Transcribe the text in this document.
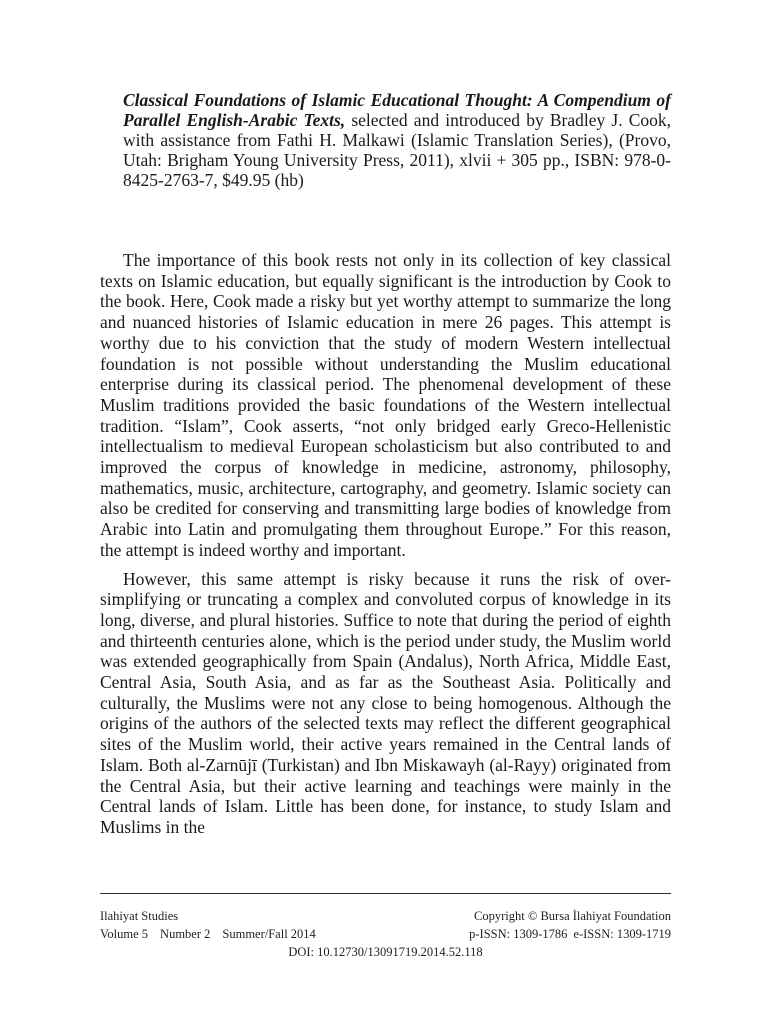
Classical Foundations of Islamic Educational Thought: A Compendium of Parallel English-Arabic Texts, selected and introduced by Bradley J. Cook, with assistance from Fathi H. Malkawi (Islamic Translation Series), (Provo, Utah: Brigham Young University Press, 2011), xlvii + 305 pp., ISBN: 978-0-8425-2763-7, $49.95 (hb)

The importance of this book rests not only in its collection of key classical texts on Islamic education, but equally significant is the introduction by Cook to the book. Here, Cook made a risky but yet worthy attempt to summarize the long and nuanced histories of Islamic education in mere 26 pages. This attempt is worthy due to his conviction that the study of modern Western intellectual foundation is not possible without understanding the Muslim educational enterprise during its classical period. The phenomenal development of these Muslim traditions provided the basic foundations of the Western intellectual tradition. “Islam”, Cook asserts, “not only bridged early Greco-Hellenistic intellectualism to medieval European scholasticism but also contributed to and improved the corpus of knowledge in medicine, astronomy, philosophy, mathematics, music, architecture, cartography, and geometry. Islamic society can also be credited for conserving and transmitting large bodies of knowledge from Arabic into Latin and promulgating them throughout Europe.” For this reason, the attempt is indeed worthy and important.

However, this same attempt is risky because it runs the risk of over-simplifying or truncating a complex and convoluted corpus of knowledge in its long, diverse, and plural histories. Suffice to note that during the period of eighth and thirteenth centuries alone, which is the period under study, the Muslim world was extended geographically from Spain (Andalus), North Africa, Middle East, Central Asia, South Asia, and as far as the Southeast Asia. Politically and culturally, the Muslims were not any close to being homogenous. Although the origins of the authors of the selected texts may reflect the different geographical sites of the Muslim world, their active years remained in the Central lands of Islam. Both al-Zarnūjī (Turkistan) and Ibn Miskawayh (al-Rayy) originated from the Central Asia, but their active learning and teachings were mainly in the Central lands of Islam. Little has been done, for instance, to study Islam and Muslims in the

Ilahiyat Studies	Copyright © Bursa İlahiyat Foundation
Volume 5 Number 2 Summer/Fall 2014	p-ISSN: 1309-1786 e-ISSN: 1309-1719
DOI: 10.12730/13091719.2014.52.118
